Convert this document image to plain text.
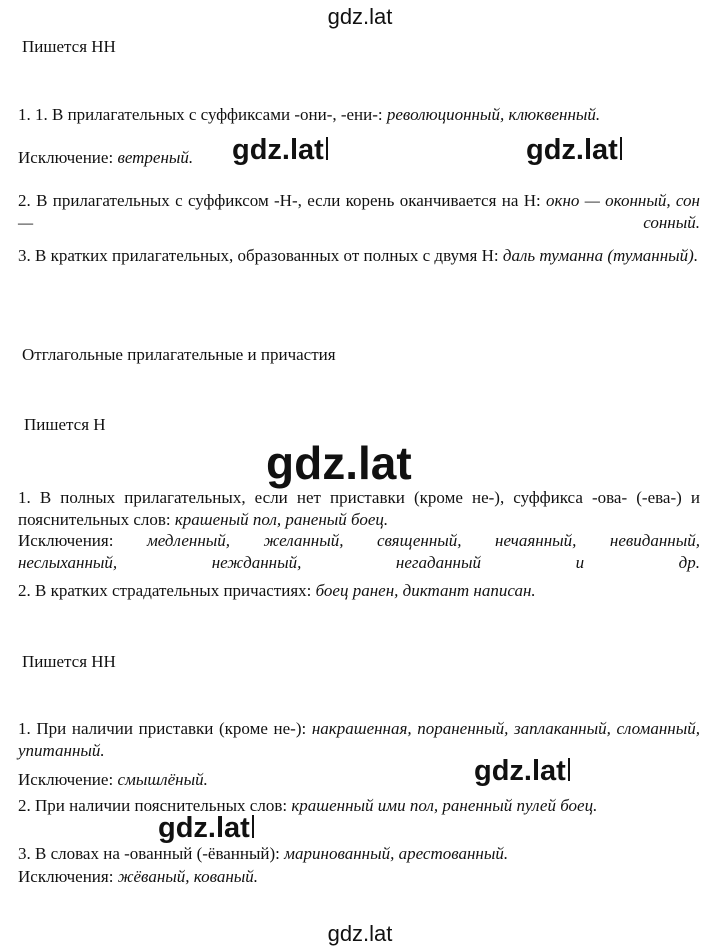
gdz.lat
Пишется НН
1. 1. В прилагательных с суффиксами -они-, -ени-: революционный, клюквенный.
Исключение: ветреный.
2. В прилагательных с суффиксом -Н-, если корень оканчивается на Н: окно — оконный, сон — сонный.
3. В кратких прилагательных, образованных от полных с двумя Н: даль туманна (туманный).
gdz.lat	gdz.lat
Отглагольные прилагательные и причастия
Пишется Н
gdz.lat
1. В полных прилагательных, если нет приставки (кроме не-), суффикса -ова- (-ева-) и пояснительных слов: крашеный пол, раненый боец.
Исключения: медленный, желанный, священный, нечаянный, невиданный,
неслыханный, нежданный, негаданный и др.
2. В кратких страдательных причастиях: боец ранен, диктант написан.
Пишется НН
1. При наличии приставки (кроме не-): накрашенная, пораненный, заплаканный, сломанный, упитанный.
Исключение: смышлёный.
2. При наличии пояснительных слов: крашенный ими пол, раненный пулей боец.
3. В словах на -ованный (-ёванный): маринованный, арестованный.
Исключения: жёваный, кованый.
gdz.lat
gdz.lat
gdz.lat
